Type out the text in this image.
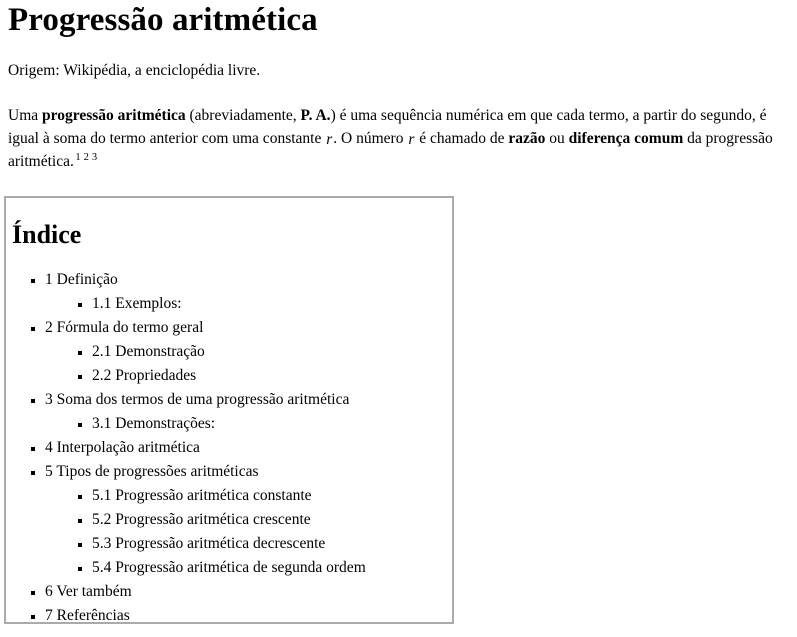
Progressão aritmética

Origem: Wikipédia, a enciclopédia livre.

Uma progressão aritmética (abreviadamente, P. A.) é uma sequência numérica em que cada termo, a partir do segundo, é igual à soma do termo anterior com uma constante r. O número r é chamado de razão ou diferença comum da progressão aritmética. $^{1 2 3}$

Índice
▪ 1 Definição
▪ 1.1 Exemplos:
▪ 2 Fórmula do termo geral
▪ 2.1 Demonstração
▪ 2.2 Propriedades
▪ 3 Soma dos termos de uma progressão aritmética
▪ 3.1 Demonstrações:
▪ 4 Interpolação aritmética
▪ 5 Tipos de progressões aritméticas
▪ 5.1 Progressão aritmética constante
▪ 5.2 Progressão aritmética crescente
▪ 5.3 Progressão aritmética decrescente
▪ 5.4 Progressão aritmética de segunda ordem
▪ 6 Ver também
▪ 7 Referências
